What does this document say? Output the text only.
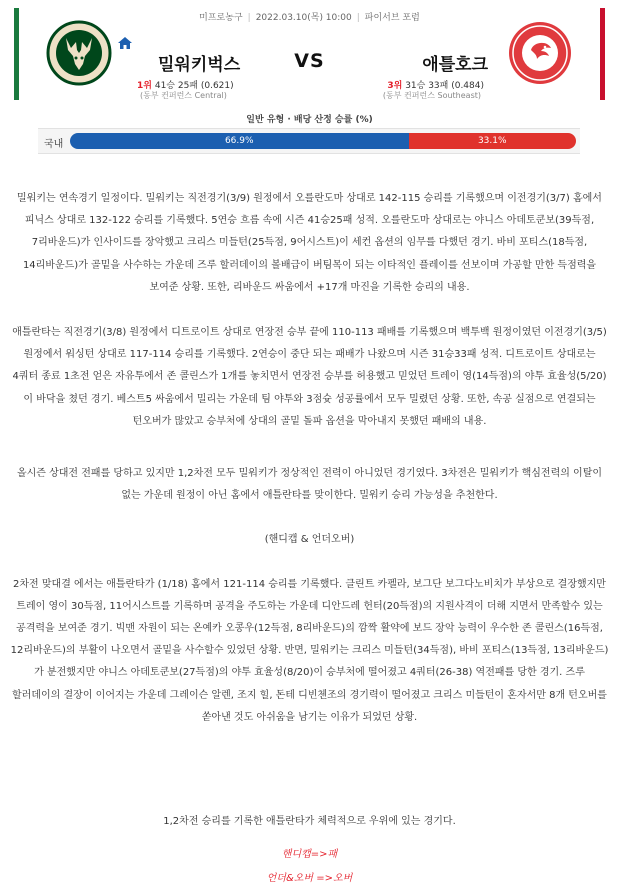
미프로농구 | 2022.03.10(목) 10:00 | 파이서브 포럼
밀워키벅스	VS	애틀호크
1위 41승 25패 (0.621)	3위 31승 33패 (0.484)
(동부 컨퍼런스 Central)	(동부 컨퍼런스 Southeast)
일반 유형 · 배당 산정 승률 (%)
국내	66.9%	33.1%

밀워키는 연속경기 일정이다. 밀워키는 직전경기(3/9) 원정에서 오를란도마 상대로 142-115 승리를 기록했으며 이전경기(3/7) 홈에서 피닉스 상대로 132-122 승리를 기록했다. 5연승 흐름 속에 시즌 41승25패 성적. 오를란도마 상대로는 야니스 아데토쿤보(39득점, 7리바운드)가 인사이드를 장악했고 크리스 미들턴(25득점, 9어시스트)이 세컨 옵션의 임무를 다했던 경기. 바비 포티스(18득점, 14리바운드)가 골밑을 사수하는 가운데 즈루 할러데이의 볼배급이 버팀목이 되는 이타적인 플레이를 선보이며 가공할 만한 득점력을 보여준 상황. 또한, 리바운드 싸움에서 +17개 마진을 기록한 승리의 내용.

애틀란타는 직전경기(3/8) 원정에서 디트로이트 상대로 연장전 승부 끝에 110-113 패배를 기록했으며 백투백 원정이였던 이전경기(3/5) 원정에서 워싱턴 상대로 117-114 승리를 기록했다. 2연승이 중단 되는 패배가 나왔으며 시즌 31승33패 성적. 디트로이트 상대로는 4쿼터 종료 1초전 얻은 자유투에서 존 콜린스가 1개를 놓치면서 연장전 승부를 허용했고 믿었던 트레이 영(14득점)의 야투 효율성(5/20)이 바닥을 쳤던 경기. 베스트5 싸움에서 밀리는 가운데 팀 야투와 3점슛 성공률에서 모두 밀렸던 상황. 또한, 속공 실점으로 연결되는 턴오버가 많았고 승부처에 상대의 골밑 돌파 옵션을 막아내지 못했던 패배의 내용.

올시즌 상대전 전패를 당하고 있지만 1,2차전 모두 밀워키가 정상적인 전력이 아니었던 경기였다. 3차전은 밀워키가 핵심전력의 이탈이 없는 가운데 원정이 아닌 홈에서 애틀란타를 맞이한다. 밀워키 승리 가능성을 추천한다.

(핸디캡 & 언더오버)

2차전 맞대결 에서는 애틀란타가 (1/18) 홈에서 121-114 승리를 기록했다. 클린트 카펠라, 보그단 보그다노비치가 부상으로 결장했지만 트레이 영이 30득점, 11어시스트를 기록하며 공격을 주도하는 가운데 디안드레 헌터(20득점)의 지원사격이 더해 지면서 만족할수 있는 공격력을 보여준 경기. 빅맨 자원이 되는 온예카 오콩우(12득점, 8리바운드)의 깜짝 활약에 보드 장악 능력이 우수한 존 콜린스(16득점, 12리바운드)의 부활이 나오면서 골밑을 사수할수 있었던 상황. 반면, 밀워키는 크리스 미들턴(34득점), 바비 포티스(13득점, 13리바운드)가 분전했지만 야니스 아데토쿤보(27득점)의 야투 효율성(8/20)이 승부처에 떨어졌고 4쿼터(26-38) 역전패를 당한 경기. 즈루 할러데이의 결장이 이어지는 가운데 그레이슨 알렌, 조지 힐, 돈테 디빈첸조의 경기력이 떨어졌고 크리스 미들턴이 혼자서만 8개 턴오버를 쏟아낸 것도 아쉬움을 남기는 이유가 되었던 상황.

1,2차전 승리를 기록한 애틀란타가 체력적으로 우위에 있는 경기다.

핸디캡=>패
언더&오버 =>오버
